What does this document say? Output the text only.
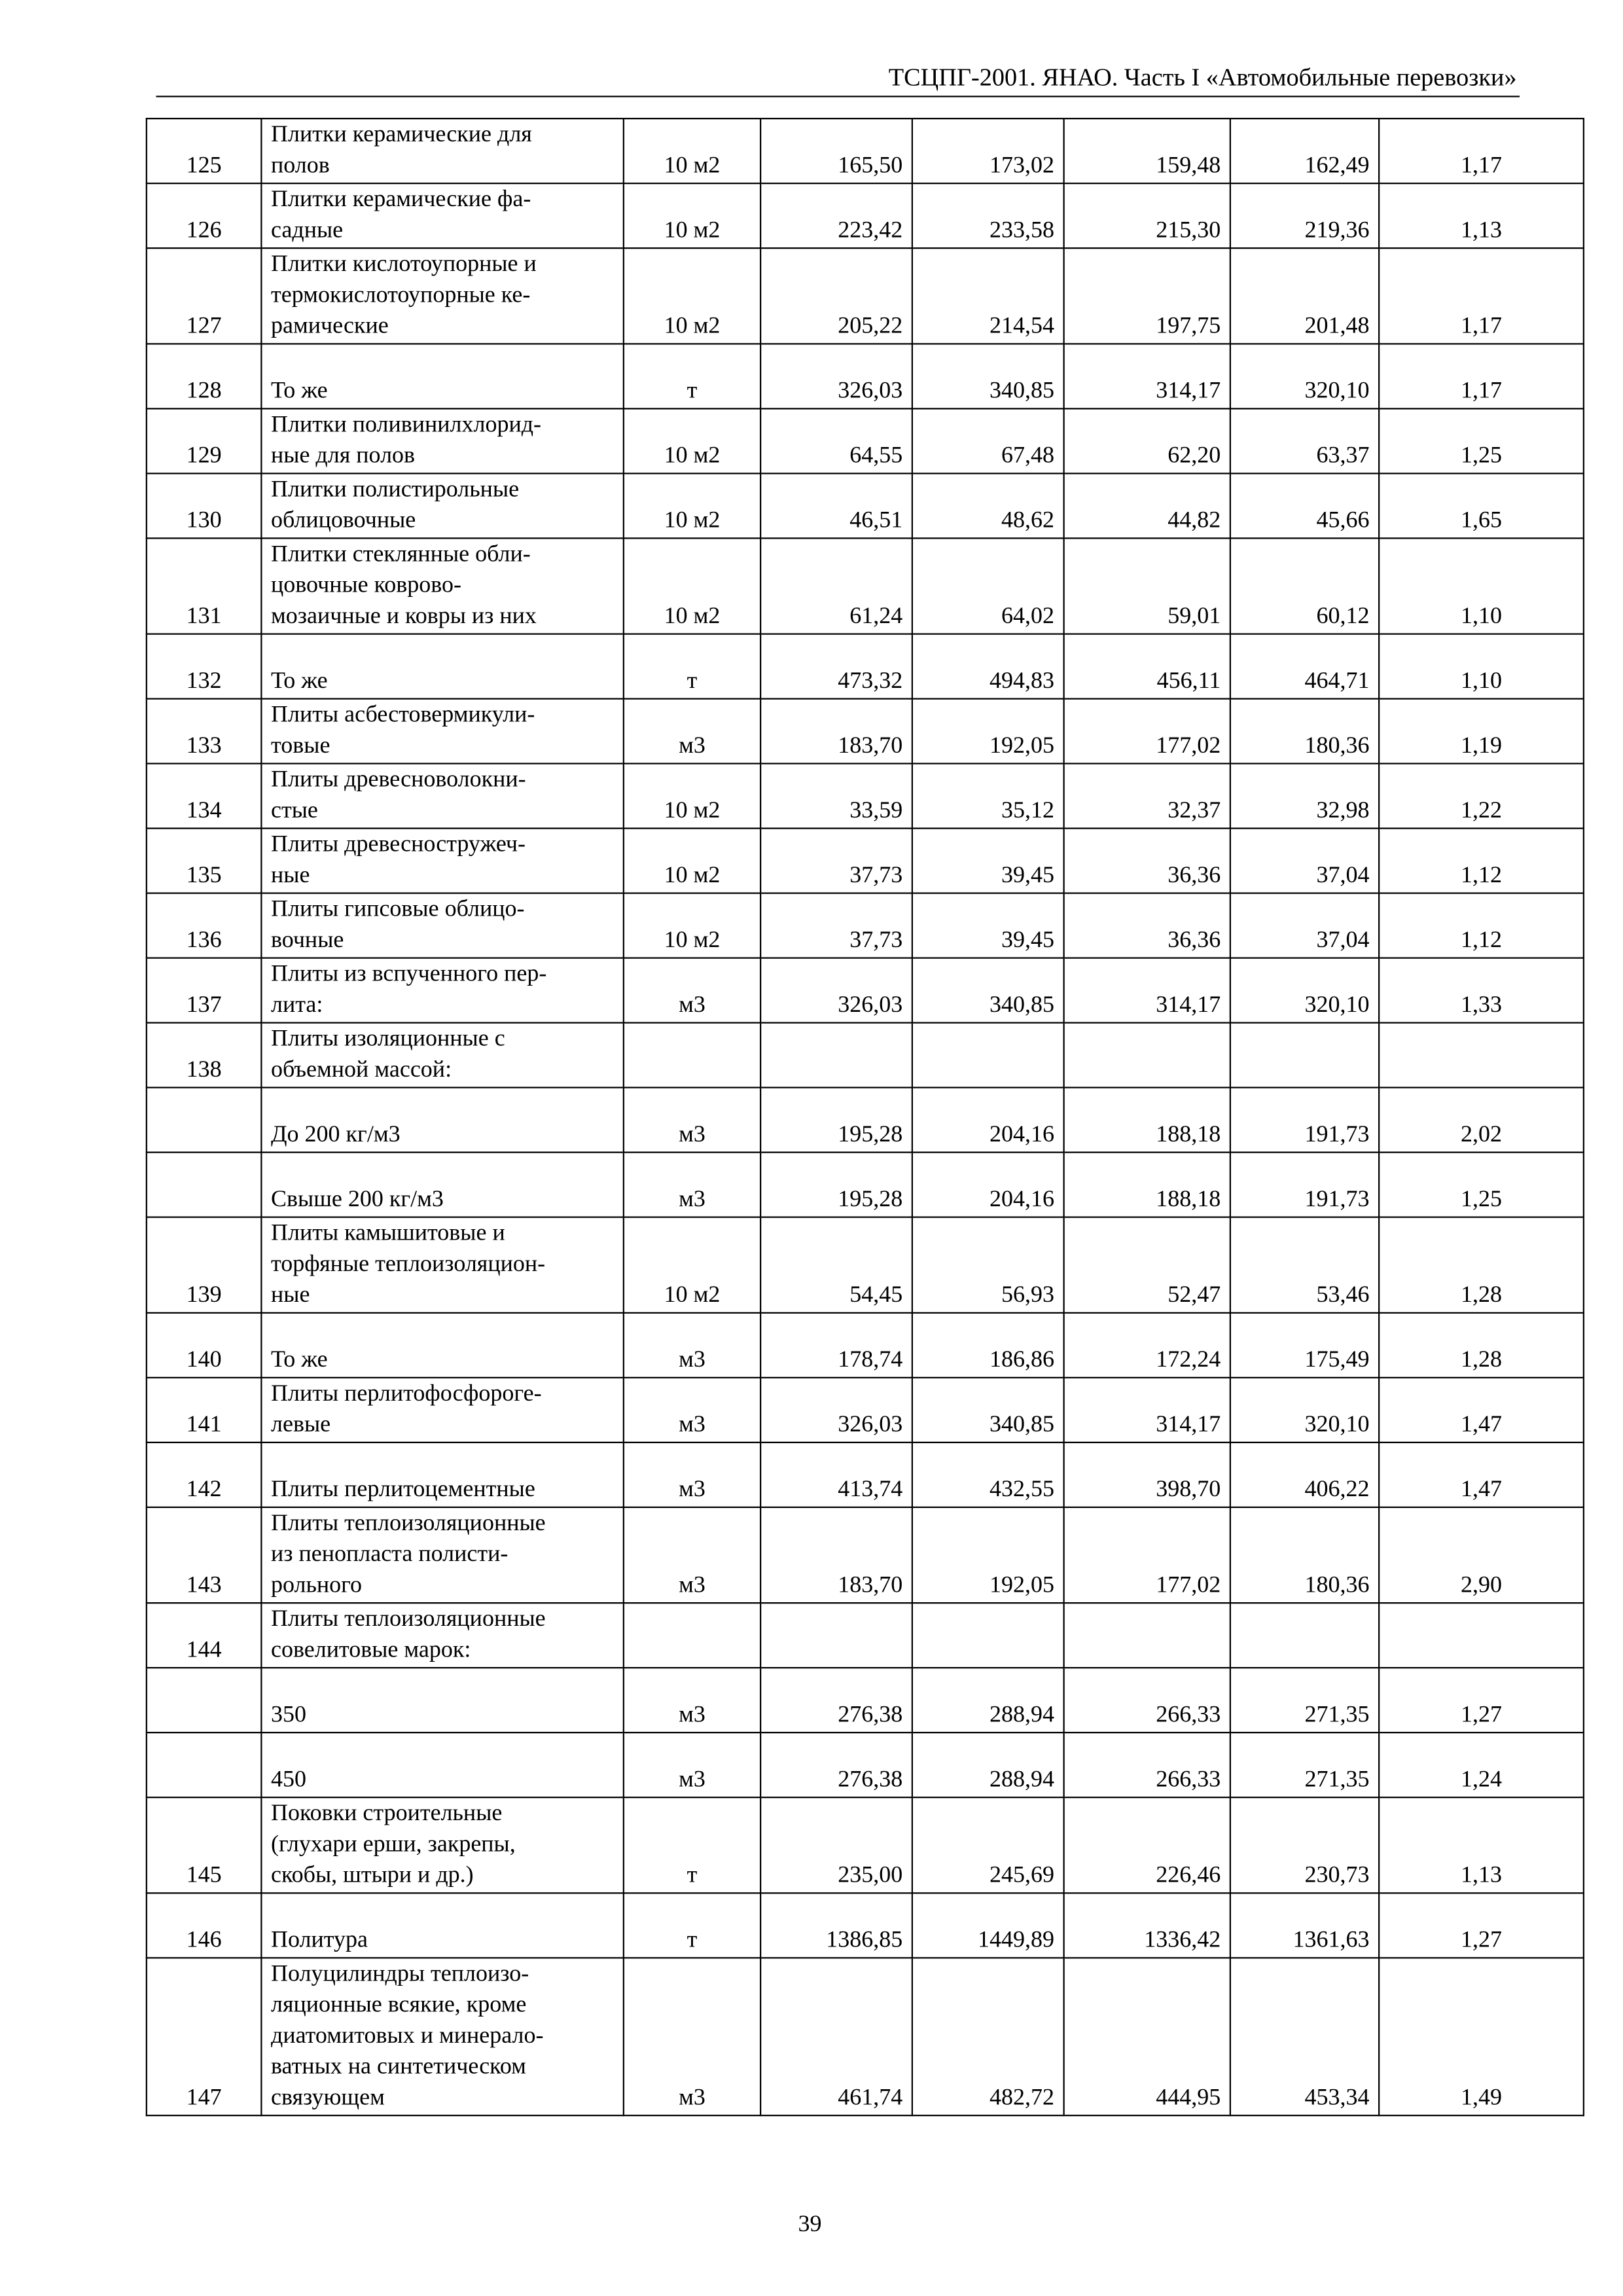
ТСЦПГ-2001. ЯНАО. Часть I «Автомобильные перевозки»
125	Плитки керамические для
полов	10 м2	165,50	173,02	159,48	162,49	1,17
126	Плитки керамические фа-
садные	10 м2	223,42	233,58	215,30	219,36	1,13
127	Плитки кислотоупорные и
термокислотоупорные ке-
рамические	10 м2	205,22	214,54	197,75	201,48	1,17
128	То же	т	326,03	340,85	314,17	320,10	1,17
129	Плитки поливинилхлорид-
ные для полов	10 м2	64,55	67,48	62,20	63,37	1,25
130	Плитки полистирольные
облицовочные	10 м2	46,51	48,62	44,82	45,66	1,65
131	Плитки стеклянные обли-
цовочные коврово-
мозаичные и ковры из них	10 м2	61,24	64,02	59,01	60,12	1,10
132	То же	т	473,32	494,83	456,11	464,71	1,10
133	Плиты асбестовермикули-
товые	м3	183,70	192,05	177,02	180,36	1,19
134	Плиты древесноволокни-
стые	10 м2	33,59	35,12	32,37	32,98	1,22
135	Плиты древесностружеч-
ные	10 м2	37,73	39,45	36,36	37,04	1,12
136	Плиты гипсовые облицо-
вочные	10 м2	37,73	39,45	36,36	37,04	1,12
137	Плиты из вспученного пер-
лита:	м3	326,03	340,85	314,17	320,10	1,33
138	Плиты изоляционные с
объемной массой:						

	До 200 кг/м3	м3	195,28	204,16	188,18	191,73	2,02

	Свыше 200 кг/м3	м3	195,28	204,16	188,18	191,73	1,25
139	Плиты камышитовые и
торфяные теплоизоляцион-
ные	10 м2	54,45	56,93	52,47	53,46	1,28
140	То же	м3	178,74	186,86	172,24	175,49	1,28
141	Плиты перлитофосфороге-
левые	м3	326,03	340,85	314,17	320,10	1,47
142	Плиты перлитоцементные	м3	413,74	432,55	398,70	406,22	1,47
143	Плиты теплоизоляционные
из пенопласта полисти-
рольного	м3	183,70	192,05	177,02	180,36	2,90
144	Плиты теплоизоляционные
совелитовые марок:						

	350	м3	276,38	288,94	266,33	271,35	1,27

	450	м3	276,38	288,94	266,33	271,35	1,24
145	Поковки строительные
(глухари ерши, закрепы,
скобы, штыри и др.)	т	235,00	245,69	226,46	230,73	1,13
146	Политура	т	1386,85	1449,89	1336,42	1361,63	1,27
147	Полуцилиндры теплоизо-
ляционные всякие, кроме
диатомитовых и минерало-
ватных на синтетическом
связующем	м3	461,74	482,72	444,95	453,34	1,49
39
